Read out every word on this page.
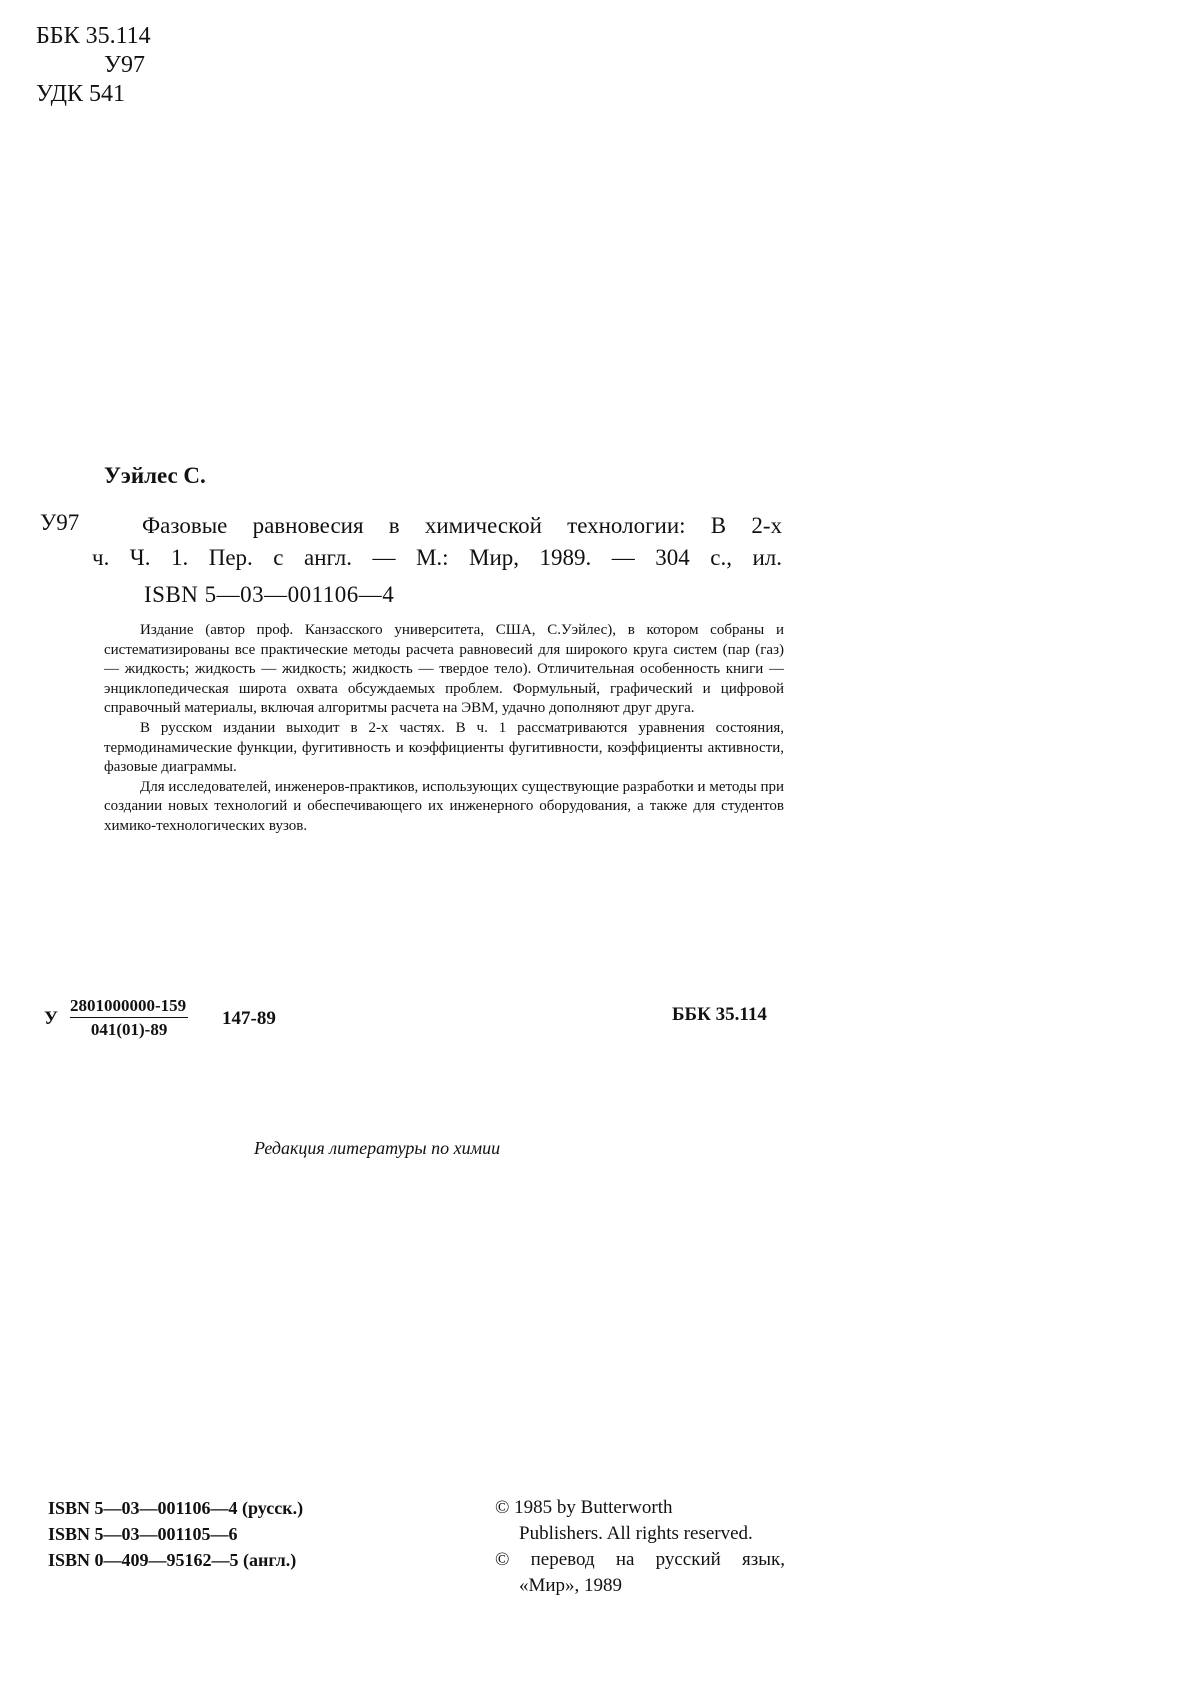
ББК 35.114

У97
УДК 541
Уэйлес С.
У97	Фазовые равновесия в химической технологии: В 2-х
ч. Ч. 1. Пер. с англ. — М.: Мир, 1989. — 304 с., ил.
ISBN 5—03—001106—4

Издание (автор проф. Канзасского университета, США, С.Уэйлес), в котором собраны и систематизированы все практические методы расчета равновесий для широкого круга систем (пар (газ) — жидкость; жидкость — жидкость; жидкость — твердое тело). Отличительная особенность книги — энциклопедическая широта охвата обсуждаемых проблем. Формульный, графический и цифровой справочный материалы, включая алгоритмы расчета на ЭВМ, удачно дополняют друг друга.

В русском издании выходит в 2-х частях. В ч. 1 рассматриваются уравнения состояния, термодинамические функции, фугитивность и коэффициенты фугитивности, коэффициенты активности, фазовые диаграммы.

Для исследователей, инженеров-практиков, использующих существующие разработки и методы при создании новых технологий и обеспечивающего их инженерного оборудования, а также для студентов химико-технологических вузов.

У $\frac{2801000000-159}{041(01)-89} 147-89$	ББК 35.114
Редакция литературы по химии
ISBN 5—03—001106—4 (русск.)
ISBN 5—03—001105—6
ISBN 0—409—95162—5 (англ.)
© 1985 by Butterworth
Publishers. All rights reserved.
© перевод на русский язык,
«Мир», 1989
